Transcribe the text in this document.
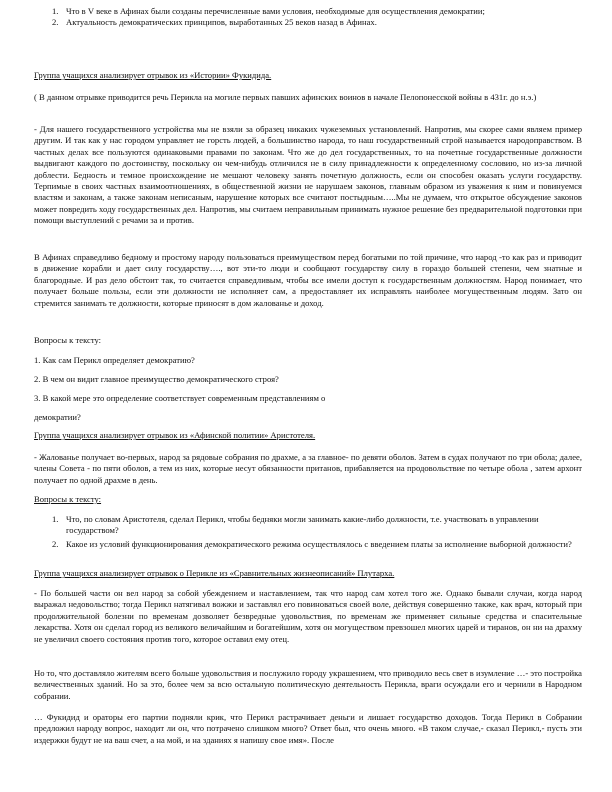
1. Что в V веке в Афинах были созданы перечисленные вами условия, необходимые для осуществления демократии;
2. Актуальность демократических принципов, выработанных 25 веков назад в Афинах.

Группа учащихся анализирует отрывок из «Истории» Фукидида.

( В данном отрывке приводится речь Перикла на могиле первых павших афинских воинов в начале Пелопонесской войны в 431г. до н.э.)

- Для нашего государственного устройства мы не взяли за образец никаких чужеземных установлений. Напротив, мы скорее сами являем пример другим. И так как у нас городом управляет не горсть людей, а большинство народа, то наш государственный строй называется народоправством. В частных делах все пользуются одинаковыми правами по законам. Что же до дел государственных, то на почетные государственные должности выдвигают каждого по достоинству, поскольку он чем-нибудь отличился не в силу принадлежности к определенному сословию, но из-за личной доблести. Бедность и темное происхождение не мешают человеку занять почетную должность, если он способен оказать услуги государству. Терпимые в своих частных взаимоотношениях, в общественной жизни не нарушаем законов, главным образом из уважения к ним и повинуемся властям и законам, а также законам неписаным, нарушение которых все считают постыдным…..Мы не думаем, что открытое обсуждение законов может повредить ходу государственных дел. Напротив, мы считаем неправильным принимать нужное решение без предварительной подготовки при помощи выступлений с речами за и против.

В Афинах справедливо бедному и простому народу пользоваться преимуществом перед богатыми по той причине, что народ -то как раз и приводит в движение корабли и дает силу государству…., вот эти-то люди и сообщают государству силу в гораздо большей степени, чем знатные и благородные. И раз дело обстоит так, то считается справедливым, чтобы все имели доступ к государственным должностям. Народ понимает, что получает больше пользы, если эти должности не исполняет сам, а предоставляет их исправлять наиболее могущественным людям. Зато он стремится занимать те должности, которые приносят в дом жалованье и доход.

Вопросы к тексту:

1. Как сам Перикл определяет демократию?

2. В чем он видит главное преимущество демократического строя?

3. В какой мере это определение соответствует современным представлениям о

демократии?

Группа учащихся анализирует отрывок из «Афинской политии» Аристотеля.

- Жалованье получает во-первых, народ за рядовые собрания по драхме, а за главное- по девяти оболов. Затем в судах получают по три обола; далее, члены Совета - по пяти оболов, а тем из них, которые несут обязанности пританов, прибавляется на продовольствие по четыре обола , затем архонт получает по одной драхме в день.

Вопросы к тексту:

1. Что, по словам Аристотеля, сделал Перикл, чтобы бедняки могли занимать какие-либо должности, т.е. участвовать в управлении государством?
2. Какое из условий функционирования демократического режима осуществлялось с введением платы за исполнение выборной должности?

Группа учащихся анализирует отрывок о Перикле из «Сравнительных жизнеописаний» Плутарха.

- По большей части он вел народ за собой убеждением и наставлением, так что народ сам хотел того же. Однако бывали случаи, когда народ выражал недовольство; тогда Перикл натягивал вожжи и заставлял его повиноваться своей воле, действуя совершенно также, как врач, который при продолжительной болезни по временам дозволяет безвредные удовольствия, по временам же применяет сильные средства и спасительные лекарства. Хотя он сделал город из великого величайшим и богатейшим, хотя он могуществом превзошел многих царей и тиранов, он ни на драхму не увеличил своего состояния против того, которое оставил ему отец.

Но то, что доставляло жителям всего больше удовольствия и послужило городу украшением, что приводило весь свет в изумление …- это постройка величественных зданий. Но за это, более чем за всю остальную политическую деятельность Перикла, враги осуждали его и чернили в Народном собрании.

… Фукидид и ораторы его партии подняли крик, что Перикл растрачивает деньги и лишает государство доходов. Тогда Перикл в Собрании предложил народу вопрос, находит ли он, что потрачено слишком много? Ответ был, что очень много. «В таком случае,- сказал Перикл,- пусть эти издержки будут не на ваш счет, а на мой, и на зданиях я напишу свое имя». После
